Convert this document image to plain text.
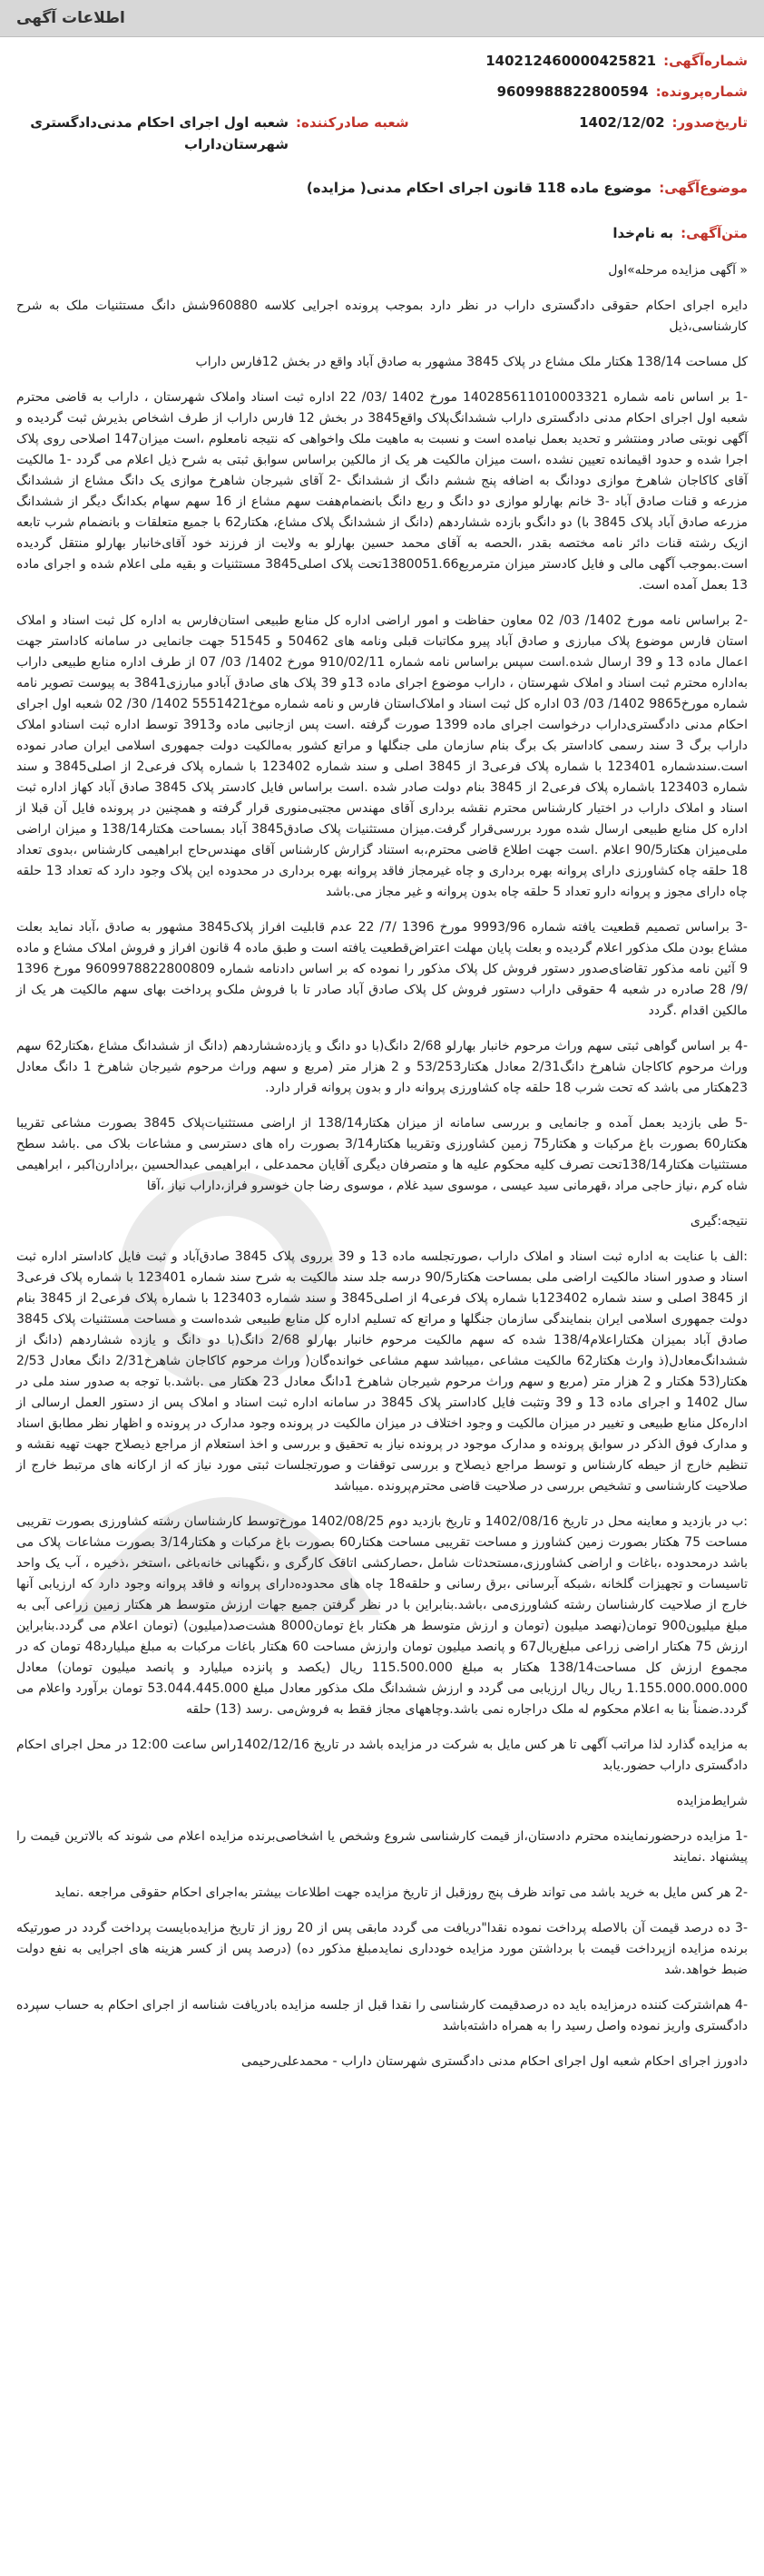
اطلاعات آگهی
شماره‌آگهی:
140212460000425821
شماره‌پرونده:
9609988822800594
تاریخ‌صدور:
1402/12/02
شعبه صادرکننده:
شعبه اول اجرای احکام مدنی‌دادگستری شهرستان‌داراب
موضوع‌آگهی:
موضوع ماده 118 قانون اجرای احکام مدنی( مزایده)
متن‌آگهی:
به نام‌خدا

« آگهی مزایده مرحله»اول

دایره اجرای احکام حقوقی دادگستری داراب در نظر دارد بموجب پرونده اجرایی کلاسه 960880شش دانگ مستثنیات ملک به شرح کارشناسی،ذیل

کل مساحت 138/14 هکتار ملک مشاع در پلاک 3845 مشهور به صادق آباد واقع در بخش 12فارس داراب

-1 بر اساس نامه شماره 140285611010003321 مورخ 1402 /03/ 22 اداره ثبت اسناد واملاک شهرستان ، داراب به قاضی محترم شعبه اول اجرای احکام مدنی دادگستری داراب ششدانگ‌پلاک واقع3845 در بخش 12 فارس داراب از طرف اشخاص بذیرش ثبت گردیده و آگهی نوبتی صادر ومنتشر و تحدید بعمل نیامده است و نسبت به ماهیت ملک واخواهی که نتیجه نامعلوم ،است میزان147 اصلاحی روی پلاک اجرا شده و حدود اقیمانده تعیین نشده ،است میزان مالکیت هر یک از مالکین براساس سوابق ثبتی به شرح ذیل اعلام می گردد -1 مالکیت آقای کاکاجان شاهرخ موازی دودانگ به اضافه پنج ششم دانگ از ششدانگ -2 آقای شیرجان شاهرخ موازی یک دانگ مشاع از ششدانگ مزرعه و قنات صادق آباد -3 خانم بهارلو موازی دو دانگ و ربع دانگ بانضمام‌هفت سهم مشاع از 16 سهم سهام بکدانگ دیگر از ششدانگ مزرعه صادق آباد پلاک 3845 با) دو دانگ‌و بازده ششاردهم (دانگ از ششدانگ پلاک مشاع، هکتار62 با جمیع متعلقات و بانضمام شرب تابعه ازیک رشته قنات دائر نامه مختصه بقدر ،الحصه به آقای محمد حسین بهارلو به ولایت از فرزند خود آقای‌خانبار بهارلو منتقل گردیده است.بموجب آگهی مالی و فایل کادستر میزان متر‌مربع1380051.66تحت پلاک اصلی3845 مستثنیات و بقیه ملی اعلام شده و اجرای ماده 13 بعمل آمده است.

-2 براساس نامه مورخ 1402/ 03/ 02 معاون حفاظت و امور اراضی اداره کل منابع طبیعی استان‌فارس به اداره کل ثبت اسناد و املاک استان فارس موضوع پلاک مبارزی و صادق آباد پیرو مکاتبات قبلی ونامه های 50462 و 51545 جهت جانمایی در سامانه کاداستر جهت اعمال ماده 13 و 39 ارسال شده.است سپس براساس نامه شماره 910/02/11 مورخ 1402/ 03/ 07 از طرف اداره منابع طبیعی داراب به‌اداره محترم ثبت اسناد و املاک شهرستان ، داراب موضوع اجرای ماده 13و 39 پلاک های صادق آبادو مبارزی3841 به پیوست تصویر نامه شماره مورخ9865 1402/ 03/ 03 اداره کل ثبت اسناد و املاک‌استان فارس و نامه شماره موخ5551421 1402/ 30/ 02 شعبه اول اجرای احکام مدنی دادگستری‌داراب درخواست اجرای ماده 1399 صورت گرفته .است پس ازجانبی ماده و3913 توسط اداره ثبت اسنادو املاک داراب برگ 3 سند رسمی کاداستر بک برگ بنام سازمان ملی جنگلها و مراتع کشور به‌مالکیت دولت جمهوری اسلامی ایران صادر نموده است.سندشماره 123401 با شماره پلاک فرعی3 از 3845 اصلی و سند شماره 123402 با شماره پلاک فرعی2 از اصلی3845 و سند شماره 123403 باشماره پلاک فرعی2 از 3845 بنام دولت صادر شده .است براساس فایل کادستر پلاک 3845 صادق آباد کهاز اداره ثبت اسناد و املاک داراب در اختیار کارشناس محترم نقشه برداری آقای مهندس مجتبی‌منوری قرار گرفته و همچنین در پرونده فایل آن قبلا از اداره کل منابع طبیعی ارسال شده مورد بررسی‌قرار گرفت.میزان مستثنیات پلاک صادق3845 آباد بمساحت هکتار138/14 و میزان اراضی ملی‌میزان هکتار90/5 اعلام .است جهت اطلاع قاضی محترم،به استناد گزارش کارشناس آقای مهندس‌حاج ابراهیمی کارشناس ،بدوی تعداد 18 حلقه چاه کشاورزی دارای پروانه بهره برداری و چاه غیرمجاز فاقد پروانه بهره برداری در محدوده این پلاک وجود دارد که تعداد 13 حلقه چاه دارای مجوز و پروانه دارو تعداد 5 حلقه چاه بدون پروانه و غیر مجاز می.باشد

-3 براساس تصمیم قطعیت یافته شماره 9993/96 مورخ 1396 /7/ 22 عدم قابلیت افراز پلاک3845 مشهور به صادق ،آباد نماید بعلت مشاع بودن ملک مذکور اعلام گردیده و بعلت پایان مهلت اعتراض‌قطعیت یافته است و طبق ماده 4 قانون افراز و فروش املاک مشاع و ماده 9 آئین نامه مذکور تقاضای‌صدور دستور فروش کل پلاک مذکور را نموده که بر اساس دادنامه شماره 9609978822800809 مورخ 1396 /9/ 28 صادره در شعبه 4 حقوقی داراب دستور فروش کل پلاک صادق آباد صادر تا با فروش ملک‌و پرداخت بهای سهم مالکیت هر یک از مالکین اقدام .گردد

-4 بر اساس گواهی ثبتی سهم وراث مرحوم خانبار بهارلو 2/68 دانگ(با دو دانگ و یازده‌ششاردهم (دانگ از ششدانگ مشاع ،هکتار62 سهم وراث مرحوم کاکاجان شاهرخ دانگ2/31 معادل هکتار53/253 و 2 هزار متر (مربع و سهم وراث مرحوم شیرجان شاهرخ 1 دانگ معادل 23هکتار می باشد که تحت شرب 18 حلقه چاه کشاورزی پروانه دار و بدون پروانه قرار دارد.

-5 طی بازدید بعمل آمده و جانمایی و بررسی سامانه از میزان هکتار138/14 از اراضی مستثنیات‌پلاک 3845 بصورت مشاعی تقریبا هکتار60 بصورت باغ مرکبات و هکتار75 زمین کشاورزی وتقریبا هکتار3/14 بصورت راه های دسترسی و مشاعات بلاک می .باشد سطح مستثنیات هکتار138/14تحت تصرف کلیه محکوم علیه ها و متصرفان دیگری آقایان محمدعلی ، ابراهیمی عبدالحسین ،برادارن‌اکبر ، ابراهیمی شاه کرم ،نیاز حاجی مراد ،قهرمانی سید عیسی ، موسوی سید غلام ، موسوی رضا جان خوسرو فراز،داراب نیاز ،آقا

نتیجه:گیری

:الف با عنایت به اداره ثبت اسناد و املاک داراب ،صورتجلسه ماده 13 و 39 برروی پلاک 3845 صادق‌آباد و ثبت فایل کاداستر اداره ثبت اسناد و صدور اسناد مالکیت اراضی ملی بمساحت هکتار90/5 درسه جلد سند مالکیت به شرح سند شماره 123401 با شماره پلاک فرعی3 از 3845 اصلی و سند شماره 123402با شماره پلاک فرعی4 از اصلی3845 و سند شماره 123403 با شماره پلاک فرعی2 از 3845 بنام دولت جمهوری اسلامی ایران بنمایندگی سازمان جنگلها و مراتع که تسلیم اداره کل منابع طبیعی شده‌است و مساحت مستثنیات پلاک 3845 صادق آباد بمیزان هکتاراعلام138/4 شده که سهم مالکیت مرحوم خانبار بهارلو 2/68 دانگ(با دو دانگ و یازده ششاردهم (دانگ از ششدانگ‌معادل(ذ وارث هکتار62 مالکیت مشاعی ،میباشد سهم مشاعی خوانده‌گان( وراث مرحوم کاکاجان شاهرخ2/31 دانگ معادل 2/53 هکتار(53 هکتار و 2 هزار متر (مربع و سهم وراث مرحوم شیرجان شاهرخ 1دانگ معادل 23 هکتار می .باشد.با توجه به صدور سند ملی در سال 1402 و اجرای ماده 13 و 39 وتثبت فایل کاداستر پلاک 3845 در سامانه اداره ثبت اسناد و املاک پس از دستور العمل ارسالی از اداره‌کل منابع طبیعی و تغییر در میزان مالکیت و وجود اختلاف در میزان مالکیت در پرونده وجود مدارک در پرونده و اظهار نظر مطابق اسناد و مدارک فوق الذکر در سوابق پرونده و مدارک موجود در پرونده نیاز به تحقیق و بررسی و اخذ استعلام از مراجع ذیصلاح جهت تهیه نقشه و تنظیم خارج از حیطه کارشناس و توسط مراجع ذیصلاح و بررسی توقفات و صورتجلسات ثبتی مورد نیاز که از ارکانه های مرتبط خارج از صلاحیت کارشناسی و تشخیص بررسی در صلاحیت قاضی محترم‌پرونده .میباشد

:ب در بازدید و معاینه محل در تاریخ 1402/08/16 و تاریخ بازدید دوم 1402/08/25 مورخ‌توسط کارشناسان رشته کشاورزی بصورت تقریبی مساحت 75 هکتار بصورت زمین کشاورز و مساحت تقریبی مساحت هکتار60 بصورت باغ مرکبات و هکتار3/14 بصورت مشاعات پلاک می باشد درمحدوده ،باغات و اراضی کشاورزی،مستحدثات شامل ،حصارکشی اتاقک کارگری و ،نگهبانی خانه‌باغی ،استخر ،ذخیره ، آب یک واحد تاسیسات و تجهیزات گلخانه ،شبکه آبرسانی ،برق رسانی و حلقه18 چاه های محدوده‌دارای پروانه و فاقد پروانه وجود دارد که ارزیابی آنها خارج از صلاحیت کارشناسان رشته کشاورزی‌می ،باشد.بنابراین با در نظر گرفتن جمیع جهات ارزش متوسط هر هکتار زمین زراعی آبی به مبلغ میلیون900 تومان(نهصد میلیون (تومان و ارزش متوسط هر هکتار باغ تومان8000 هشت‌صد(میلیون) (تومان اعلام می گردد.بنابراین ارزش 75 هکتار اراضی زراعی مبلغ‌ریال67 و پانصد میلیون تومان وارزش مساحت 60 هکتار باغات مرکبات به مبلغ میلیارد48 تومان که در مجموع ارزش کل مساحت138/14 هکتار به مبلغ 115.500.000 ریال (یکصد و پانزده میلیارد و پانصد میلیون تومان) معادل 1.155.000.000.000 ریال ریال ارزیابی می گردد و ارزش ششدانگ ملک مذکور معادل مبلغ 53.044.445.000 تومان برآورد واعلام می گردد.ضمناً بنا به اعلام محکوم له ملک دراجاره نمی باشد.وچاههای مجاز فقط به فروش‌می .رسد (13) حلقه

به مزایده گذارد لذا مراتب آگهی تا هر کس مایل به شرکت در مزایده باشد در تاریخ 1402/12/16راس ساعت 12:00 در محل اجرای احکام دادگستری داراب حضور.یابد

شرایط‌مزایده

-1 مزایده درحضور‌نماینده محترم دادستان،از قیمت کارشناسی شروع وشخص یا اشخاصی‌برنده مزایده اعلام می شوند که بالاترین قیمت را پیشنهاد .نمایند

-2 هر کس مایل به خرید باشد می تواند ظرف پنج روزقبل از تاریخ مزایده جهت اطلاعات بیشتر به‌اجرای احکام حقوقی مراجعه .نماید

-3 ده درصد قیمت آن بالاصله پرداخت نموده نقدا"دریافت می گردد مابقی پس از 20 روز از تاریخ مزایده‌بایست پرداخت گردد در صورتیکه برنده مزایده ازپرداخت قیمت با برداشتن مورد مزایده خودداری نماید‌مبلغ مذکور ده) (درصد پس از کسر هزینه های اجرایی به نفع دولت ضبط خواهد.شد

-4 هم‌اشترکت کننده درمزایده باید ده درصدقیمت کارشناسی را نقدا قبل از جلسه مزایده بادریافت شناسه از اجرای احکام به حساب سپرده دادگستری واریز نموده واصل رسید را به همراه داشته‌باشد

دادورز اجرای احکام شعبه اول اجرای احکام مدنی دادگستری شهرستان داراب - محمدعلی‌رحیمی
